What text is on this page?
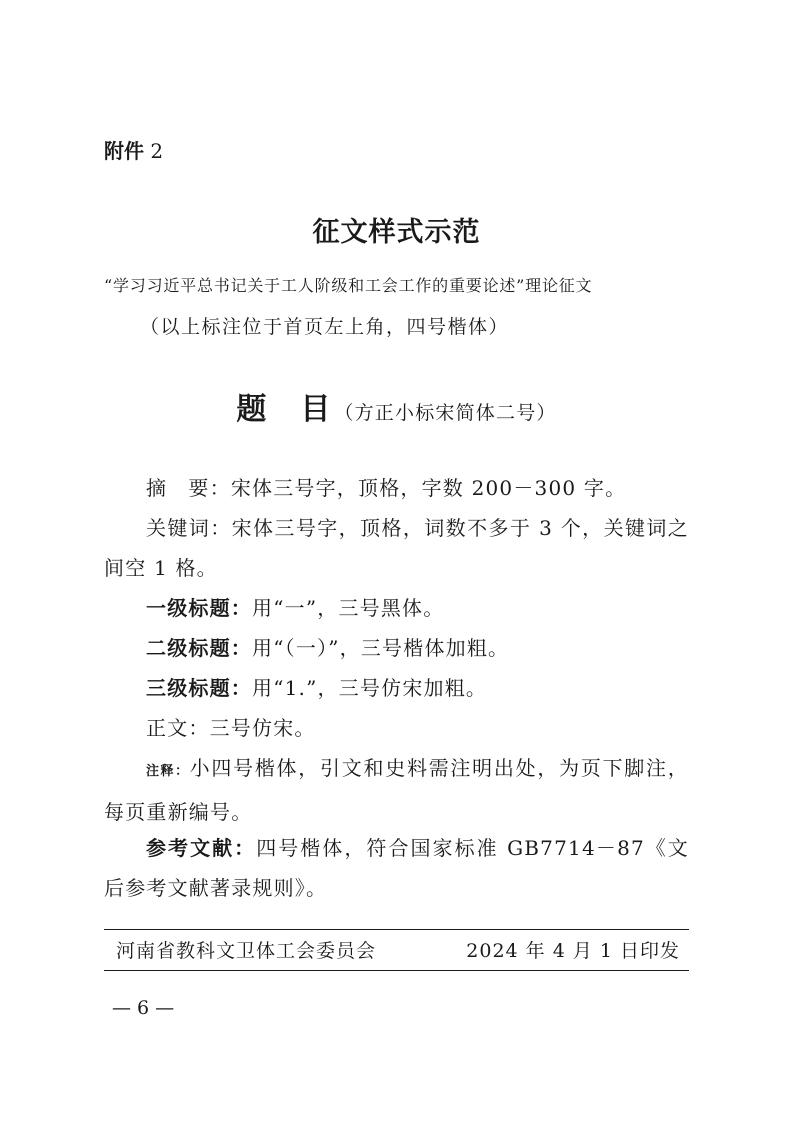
附件 2
征文样式示范
“学习习近平总书记关于工人阶级和工会工作的重要论述”理论征文
（以上标注位于首页左上角，四号楷体）
题目（方正小标宋简体二号）
摘　要：宋体三号字，顶格，字数 200－300 字。
关键词：宋体三号字，顶格，词数不多于 3 个，关键词之间空 1 格。
一级标题：用“一”，三号黑体。
二级标题：用“（一）”，三号楷体加粗。
三级标题：用“1.”，三号仿宋加粗。
正文：三号仿宋。
注释：小四号楷体，引文和史料需注明出处，为页下脚注，每页重新编号。
参考文献：四号楷体，符合国家标准 GB7714－87《文后参考文献著录规则》。
河南省教科文卫体工会委员会	2024 年 4 月 1 日印发
— 6 —
